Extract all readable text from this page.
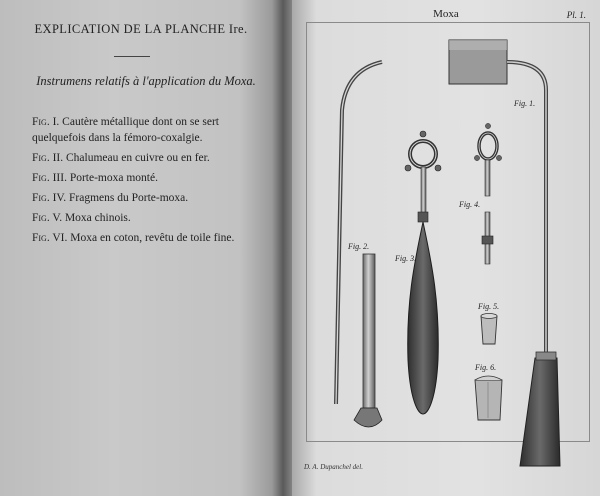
EXPLICATION DE LA PLANCHE Ire.
Instrumens relatifs à l'application du Moxa.
Fig. I. Cautère métallique dont on se sert quelquefois dans la fémoro-coxalgie.
Fig. II. Chalumeau en cuivre ou en fer.
Fig. III. Porte-moxa monté.
Fig. IV. Fragmens du Porte-moxa.
Fig. V. Moxa chinois.
Fig. VI. Moxa en coton, revêtu de toile fine.
Moxa	Pl. 1.
Fig. 1.
Fig. 2.
Fig. 3.
Fig. 4.
Fig. 5.
Fig. 6.
D. A. Dupanchel del.
